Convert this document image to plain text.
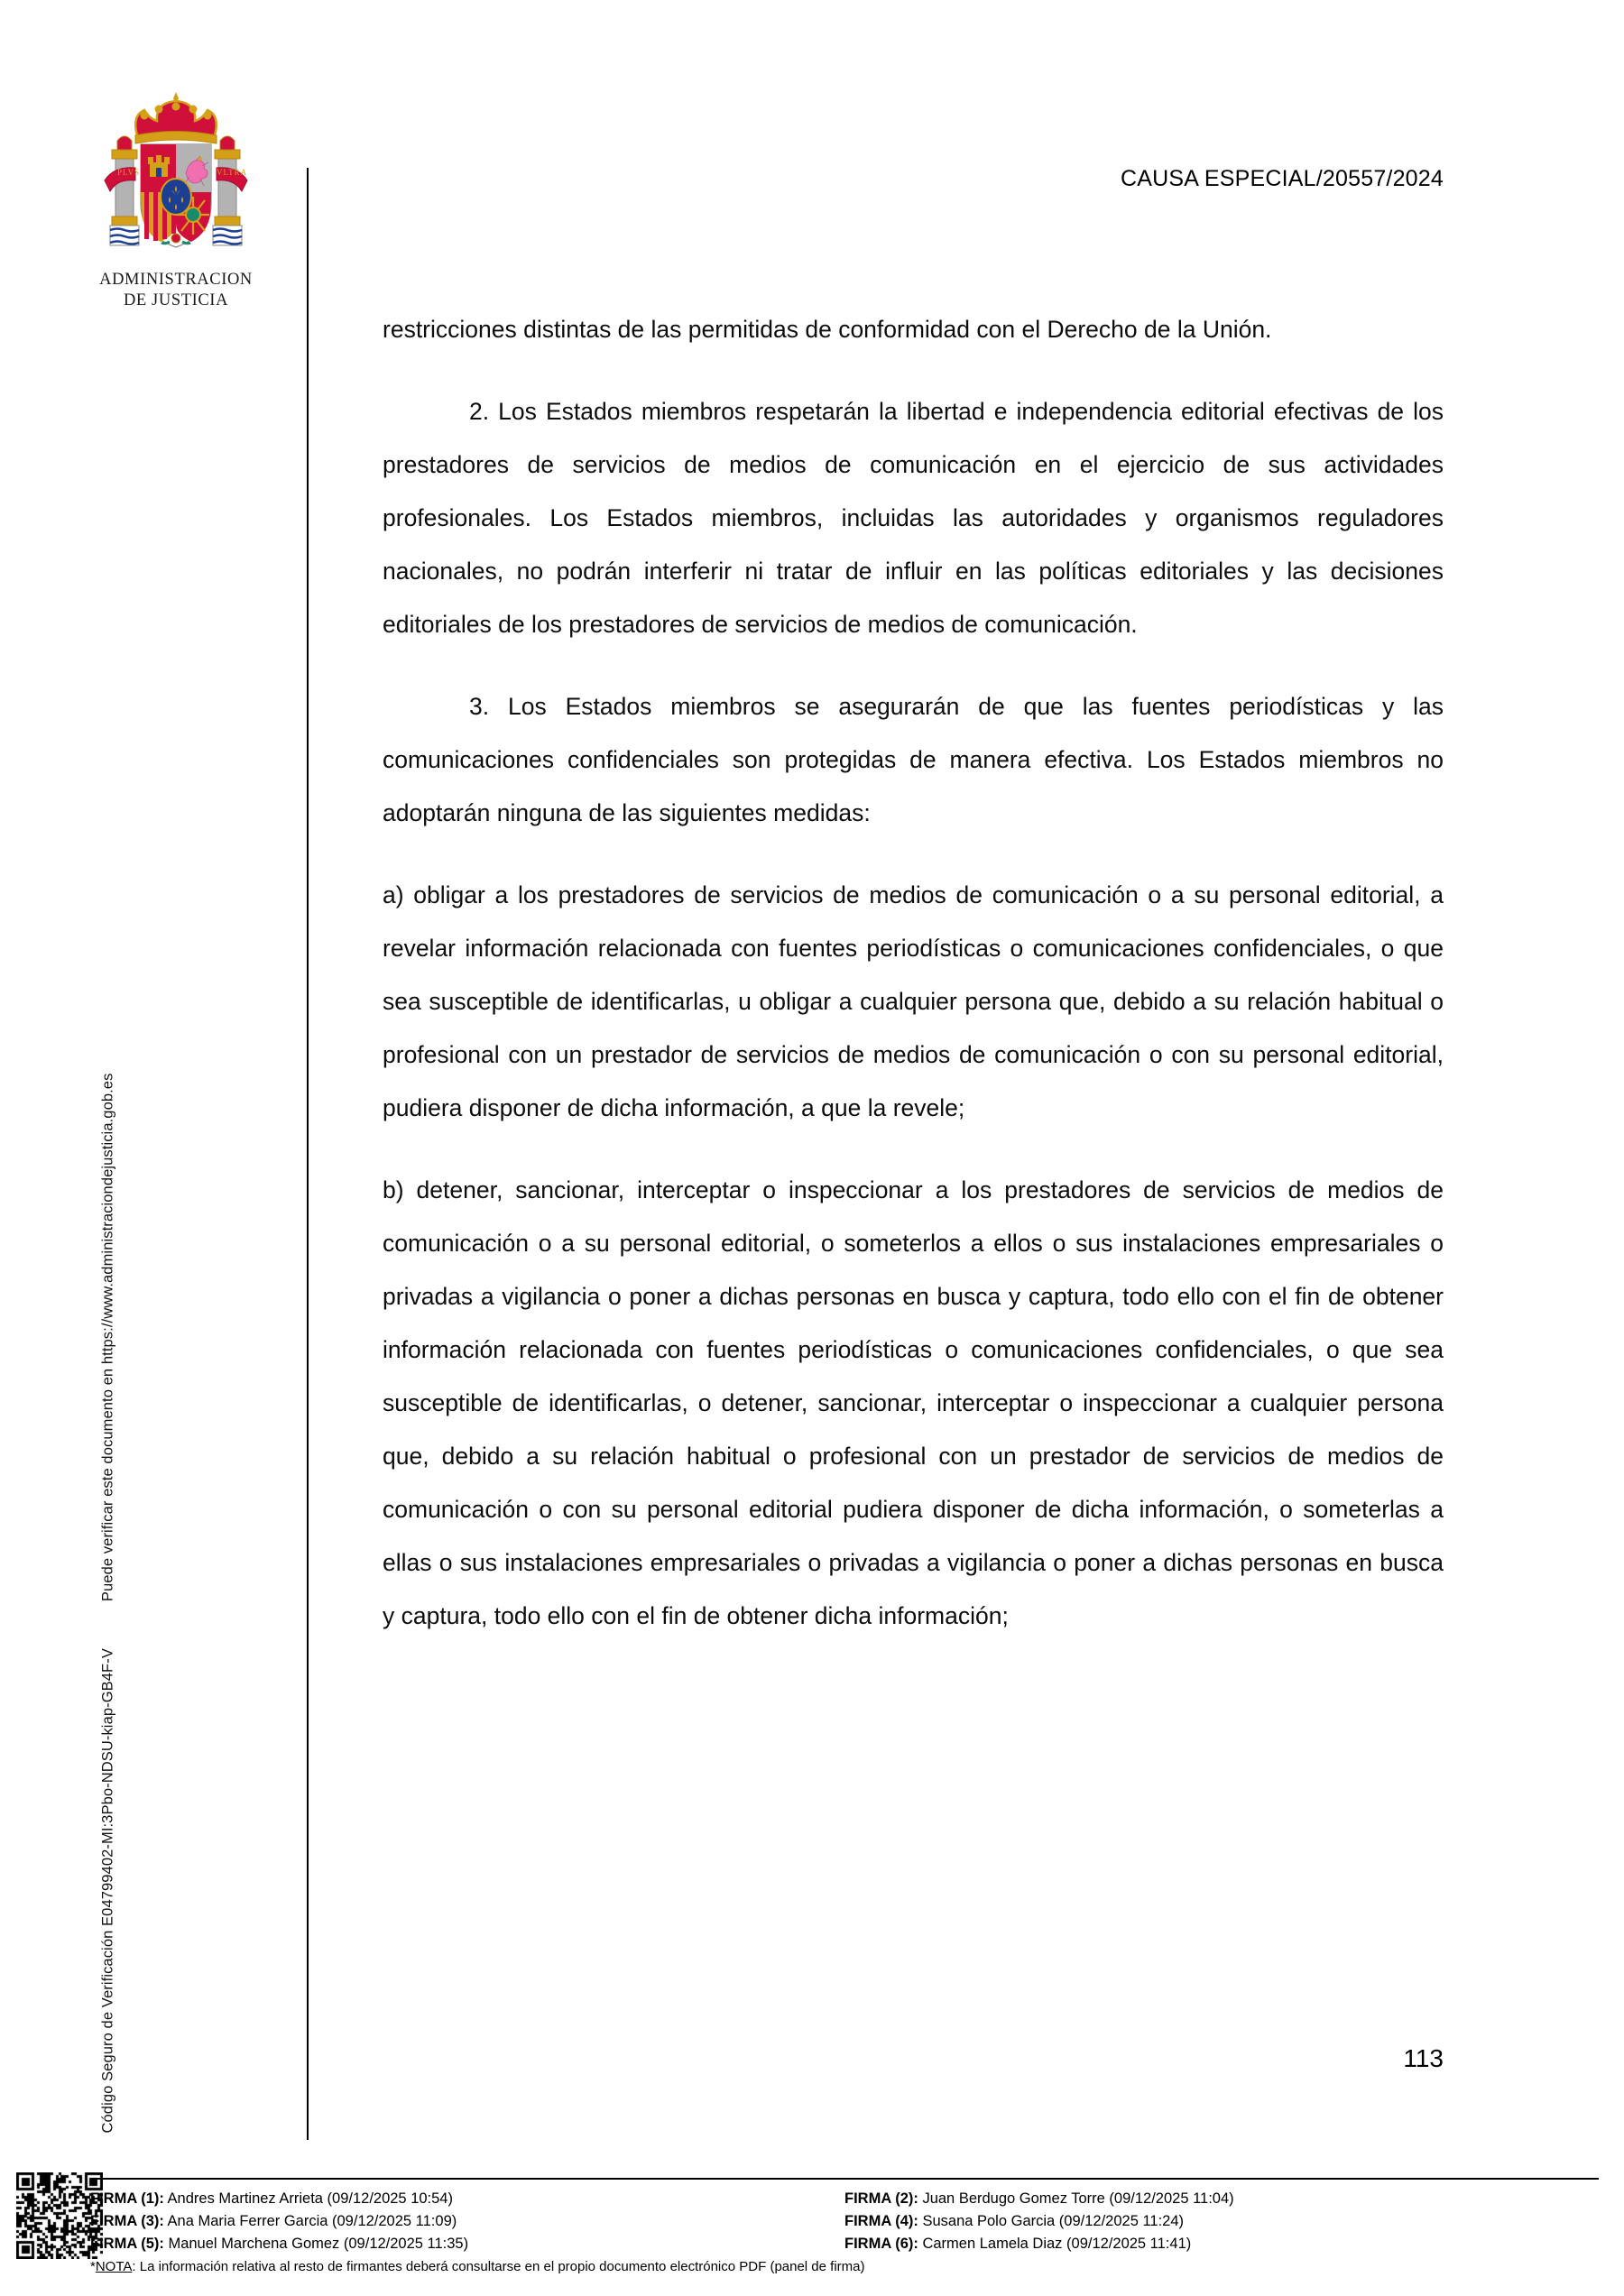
Código Seguro de Verificación E04799402-MI:3Pbo-NDSU-kiap-GB4F-VPuede verificar este documento en https://www.administraciondejusticia.gob.es
PLVS	VLTRA
ADMINISTRACION
DE JUSTICIA
CAUSA ESPECIAL/20557/2024

restricciones distintas de las permitidas de conformidad con el Derecho de la Unión.

2. Los Estados miembros respetarán la libertad e independencia editorial efectivas de los prestadores de servicios de medios de comunicación en el ejercicio de sus actividades profesionales. Los Estados miembros, incluidas las autoridades y organismos reguladores nacionales, no podrán interferir ni tratar de influir en las políticas editoriales y las decisiones editoriales de los prestadores de servicios de medios de comunicación.

3. Los Estados miembros se asegurarán de que las fuentes periodísticas y las comunicaciones confidenciales son protegidas de manera efectiva. Los Estados miembros no adoptarán ninguna de las siguientes medidas:

a) obligar a los prestadores de servicios de medios de comunicación o a su personal editorial, a revelar información relacionada con fuentes periodísticas o comunicaciones confidenciales, o que sea susceptible de identificarlas, u obligar a cualquier persona que, debido a su relación habitual o profesional con un prestador de servicios de medios de comunicación o con su personal editorial, pudiera disponer de dicha información, a que la revele;

b) detener, sancionar, interceptar o inspeccionar a los prestadores de servicios de medios de comunicación o a su personal editorial, o someterlos a ellos o sus instalaciones empresariales o privadas a vigilancia o poner a dichas personas en busca y captura, todo ello con el fin de obtener información relacionada con fuentes periodísticas o comunicaciones confidenciales, o que sea susceptible de identificarlas, o detener, sancionar, interceptar o inspeccionar a cualquier persona que, debido a su relación habitual o profesional con un prestador de servicios de medios de comunicación o con su personal editorial pudiera disponer de dicha información, o someterlas a ellas o sus instalaciones empresariales o privadas a vigilancia o poner a dichas personas en busca y captura, todo ello con el fin de obtener dicha información;

113
FIRMA (1): Andres Martinez Arrieta (09/12/2025 10:54)
FIRMA (3): Ana Maria Ferrer Garcia (09/12/2025 11:09)
FIRMA (5): Manuel Marchena Gomez (09/12/2025 11:35)
FIRMA (2): Juan Berdugo Gomez Torre (09/12/2025 11:04)
FIRMA (4): Susana Polo Garcia (09/12/2025 11:24)
FIRMA (6): Carmen Lamela Diaz (09/12/2025 11:41)
*NOTA: La información relativa al resto de firmantes deberá consultarse en el propio documento electrónico PDF (panel de firma)
